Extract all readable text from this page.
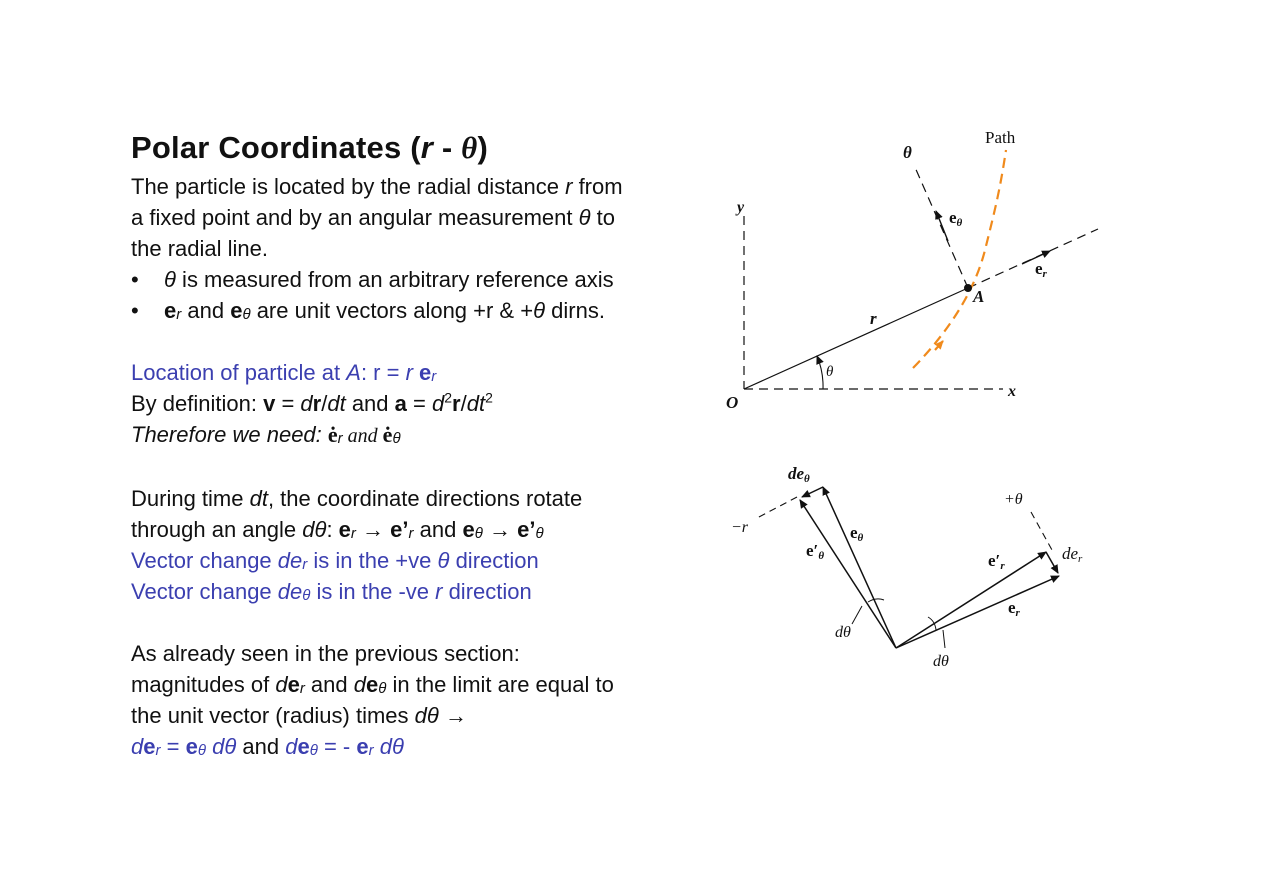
Polar Coordinates (r - θ)
The particle is located by the radial distance r from
a fixed point and by an angular measurement θ to
the radial line.
• θ is measured from an arbitrary reference axis
• $e_r$ and $e_\theta$ are unit vectors along +r & +θ dirns.
Location of particle at A: r = r $e_r$
By definition: v = dr/dt and $a = d^2r/dt^2$
Therefore we need: $ė_r$ and $ė_\theta$
During time dt, the coordinate directions rotate
through an angle dθ: $e_r$ → $e’_r$ and $e_\theta$ → $e’_\theta$
Vector change $de_r$ is in the +ve θ direction
Vector change $de_\theta$ is in the -ve r direction
As already seen in the previous section:
magnitudes of $de_r$ and $de_\theta$ in the limit are equal to
the unit vector (radius) times dθ →
$de_r = e_\theta$ dθ and $de_\theta$ = - $e_r$ dθ
Path
θ
y
eθ
er
A
r
θ
O
x
deθ
−r
+θ
eθ
e′θ	e′r
der
er
dθ
dθ
